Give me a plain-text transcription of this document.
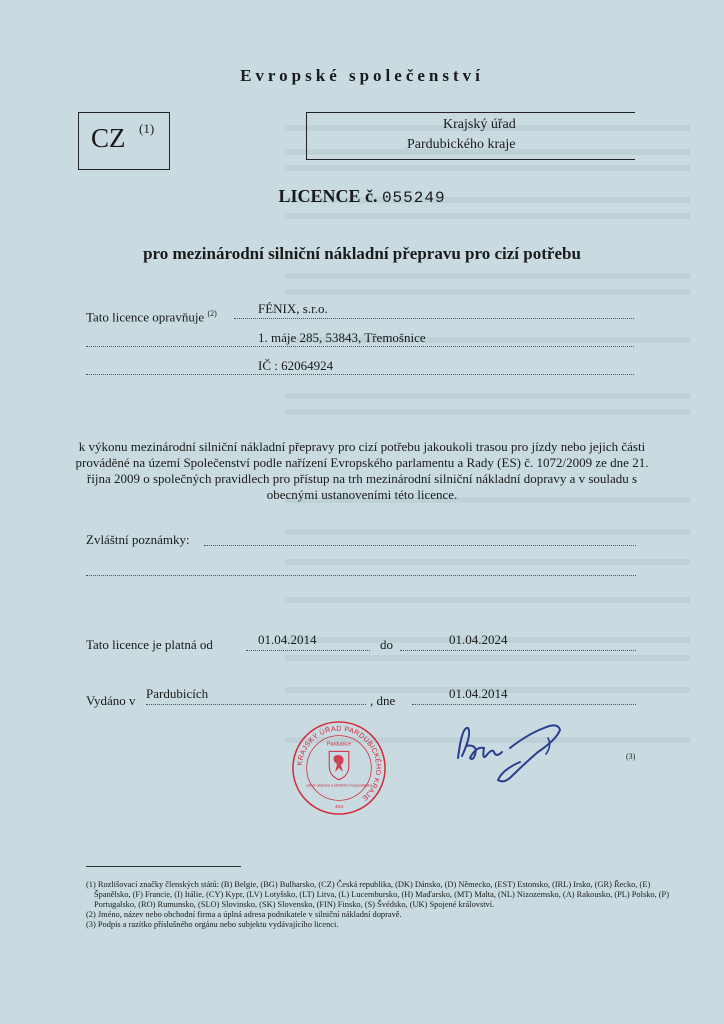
Evropské společenství
CZ (1)	Krajský úřad
Pardubického kraje
LICENCE č. 055249
pro mezinárodní silniční nákladní přepravu pro cizí potřebu
Tato licence opravňuje $^{(2)}$	FÉNIX, s.r.o.
1. máje 285, 53843, Třemošnice
IČ : 62064924
k výkonu mezinárodní silniční nákladní přepravy pro cizí potřebu jakoukoli trasou pro jízdy nebo jejich části prováděné na území Společenství podle nařízení Evropského parlamentu a Rady (ES) č. 1072/2009 ze dne 21. října 2009 o společných pravidlech pro přístup na trh mezinárodní silniční nákladní dopravy a v souladu s obecnými ustanoveními této licence.
Zvláštní poznámky:
Tato licence je platná od	01.04.2014	do	01.04.2024
Vydáno v Pardubicích	, dne	01.04.2014
KRAJSKÝ ÚŘAD PARDUBICKÉHO KRAJE
Pardubice
odbor dopravy a silničního hospodářství
404
(3)

(1) Rozlišovací značky členských států: (B) Belgie, (BG) Bulharsko, (CZ) Česká republika, (DK) Dánsko, (D) Německo, (EST) Estonsko, (IRL) Irsko, (GR) Řecko, (E) Španělsko, (F) Francie, (I) Itálie, (CY) Kypr, (LV) Lotyšsko, (LT) Litva, (L) Lucembursko, (H) Maďarsko, (MT) Malta, (NL) Nizozemsko, (A) Rakousko, (PL) Polsko, (P) Portugalsko, (RO) Rumunsko, (SLO) Slovinsko, (SK) Slovensko, (FIN) Finsko, (S) Švédsko, (UK) Spojené království.

(2) Jméno, název nebo obchodní firma a úplná adresa podnikatele v silniční nákladní dopravě.

(3) Podpis a razítko příslušného orgánu nebo subjektu vydávajícího licenci.
